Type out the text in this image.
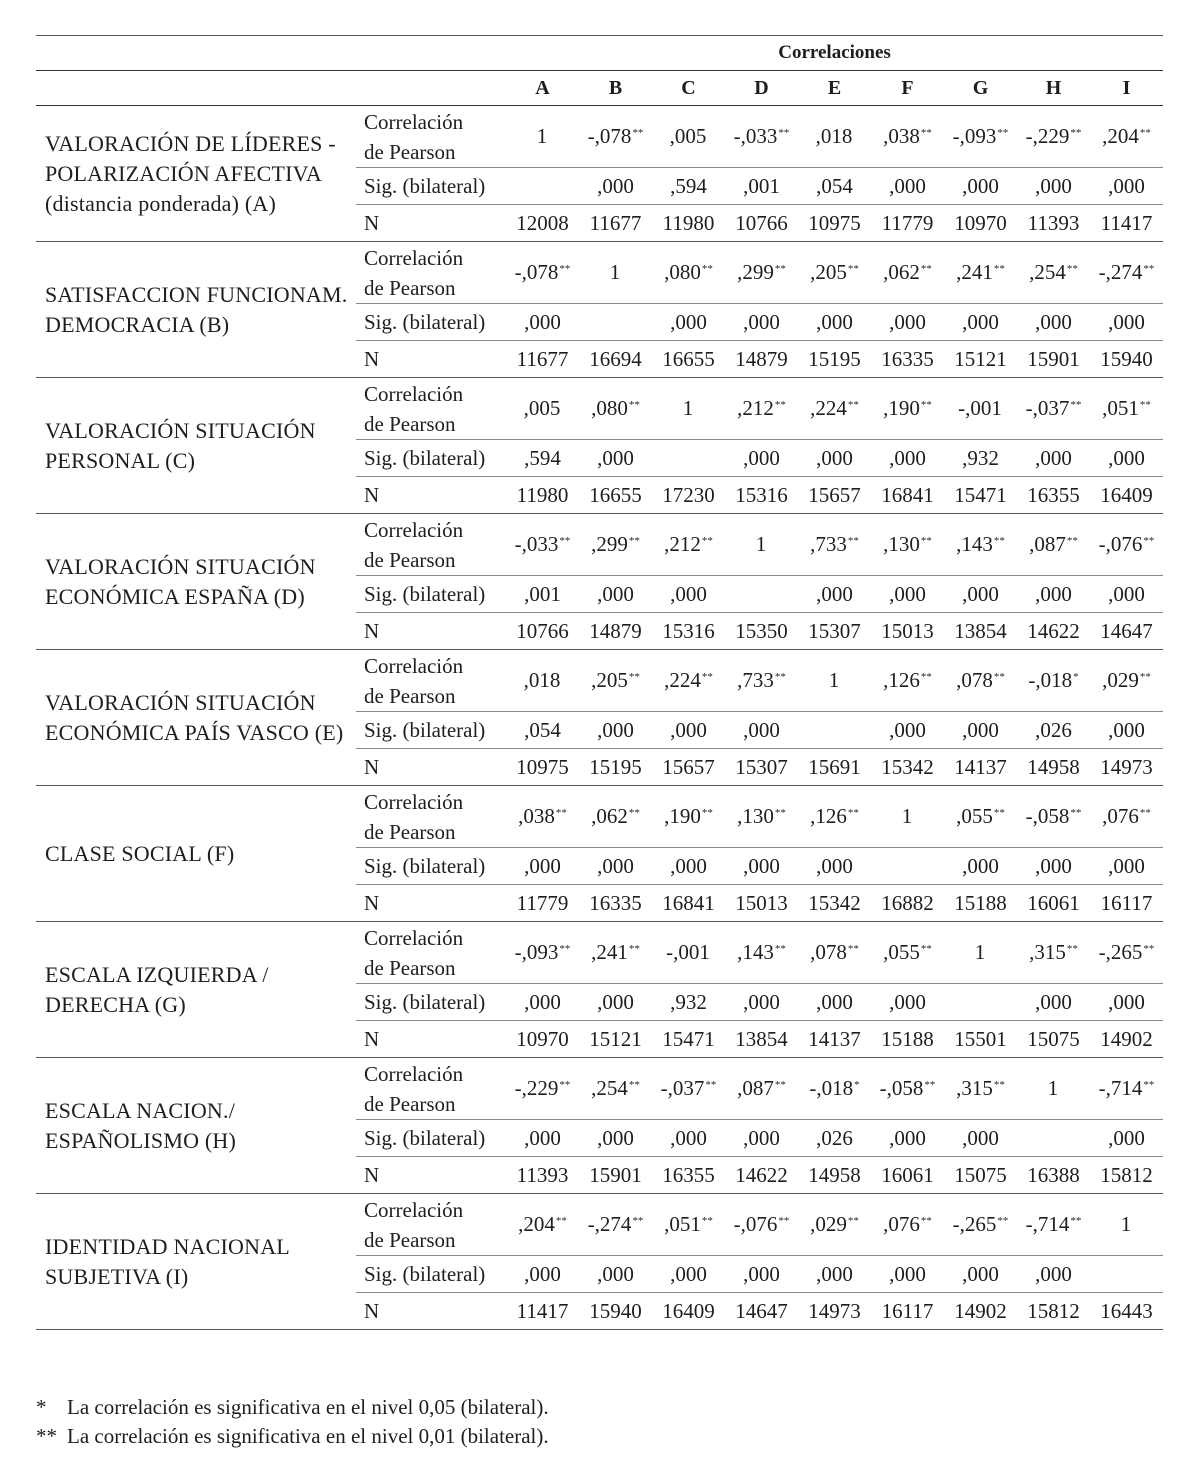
Correlaciones										
		A	B	C	D	E	F	G	H	I
VALORACIÓN DE LÍDERES - POLARIZACIÓN AFECTIVA (distancia ponderada) (A)	Correlación de Pearson	1	-,078**	,005	-,033**	,018	,038**	-,093**	-,229**	,204**
	Sig. (bilateral)		,000	,594	,001	,054	,000	,000	,000	,000
	N	12008	11677	11980	10766	10975	11779	10970	11393	11417
SATISFACCION FUNCIONAM. DEMOCRACIA (B)	Correlación de Pearson	-,078**	1	,080**	,299**	,205**	,062**	,241**	,254**	-,274**
	Sig. (bilateral)	,000		,000	,000	,000	,000	,000	,000	,000
	N	11677	16694	16655	14879	15195	16335	15121	15901	15940
VALORACIÓN SITUACIÓN PERSONAL (C)	Correlación de Pearson	,005	,080**	1	,212**	,224**	,190**	-,001	-,037**	,051**
	Sig. (bilateral)	,594	,000		,000	,000	,000	,932	,000	,000
	N	11980	16655	17230	15316	15657	16841	15471	16355	16409
VALORACIÓN SITUACIÓN ECONÓMICA ESPAÑA (D)	Correlación de Pearson	-,033**	,299**	,212**	1	,733**	,130**	,143**	,087**	-,076**
	Sig. (bilateral)	,001	,000	,000		,000	,000	,000	,000	,000
	N	10766	14879	15316	15350	15307	15013	13854	14622	14647
VALORACIÓN SITUACIÓN ECONÓMICA PAÍS VASCO (E)	Correlación de Pearson	,018	,205**	,224**	,733**	1	,126**	,078**	-,018*	,029**
	Sig. (bilateral)	,054	,000	,000	,000		,000	,000	,026	,000
	N	10975	15195	15657	15307	15691	15342	14137	14958	14973
CLASE SOCIAL (F)	Correlación de Pearson	,038**	,062**	,190**	,130**	,126**	1	,055**	-,058**	,076**
	Sig. (bilateral)	,000	,000	,000	,000	,000		,000	,000	,000
	N	11779	16335	16841	15013	15342	16882	15188	16061	16117
ESCALA IZQUIERDA / DERECHA (G)	Correlación de Pearson	-,093**	,241**	-,001	,143**	,078**	,055**	1	,315**	-,265**
	Sig. (bilateral)	,000	,000	,932	,000	,000	,000		,000	,000
	N	10970	15121	15471	13854	14137	15188	15501	15075	14902
ESCALA NACION./ ESPAÑOLISMO (H)	Correlación de Pearson	-,229**	,254**	-,037**	,087**	-,018*	-,058**	,315**	1	-,714**
	Sig. (bilateral)	,000	,000	,000	,000	,026	,000	,000		,000
	N	11393	15901	16355	14622	14958	16061	15075	16388	15812
IDENTIDAD NACIONAL SUBJETIVA (I)	Correlación de Pearson	,204**	-,274**	,051**	-,076**	,029**	,076**	-,265**	-,714**	1
	Sig. (bilateral)	,000	,000	,000	,000	,000	,000	,000	,000	
	N	11417	15940	16409	14647	14973	16117	14902	15812	16443
* La correlación es significativa en el nivel 0,05 (bilateral).
** La correlación es significativa en el nivel 0,01 (bilateral).
